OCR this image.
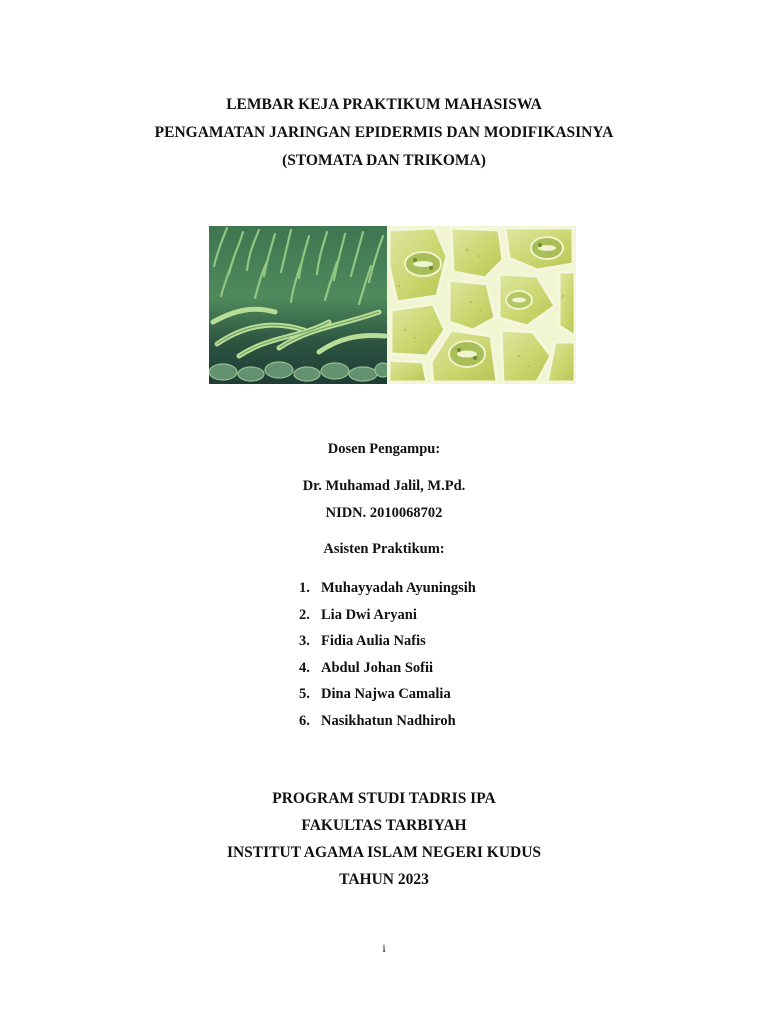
LEMBAR KEJA PRAKTIKUM MAHASISWA
PENGAMATAN JARINGAN EPIDERMIS DAN MODIFIKASINYA
(STOMATA DAN TRIKOMA)
Dosen Pengampu:
Dr. Muhamad Jalil, M.Pd.
NIDN. 2010068702
Asisten Praktikum:
1. Muhayyadah Ayuningsih
2. Lia Dwi Aryani
3. Fidia Aulia Nafis
4. Abdul Johan Sofii
5. Dina Najwa Camalia
6. Nasikhatun Nadhiroh
PROGRAM STUDI TADRIS IPA
FAKULTAS TARBIYAH
INSTITUT AGAMA ISLAM NEGERI KUDUS
TAHUN 2023
i
